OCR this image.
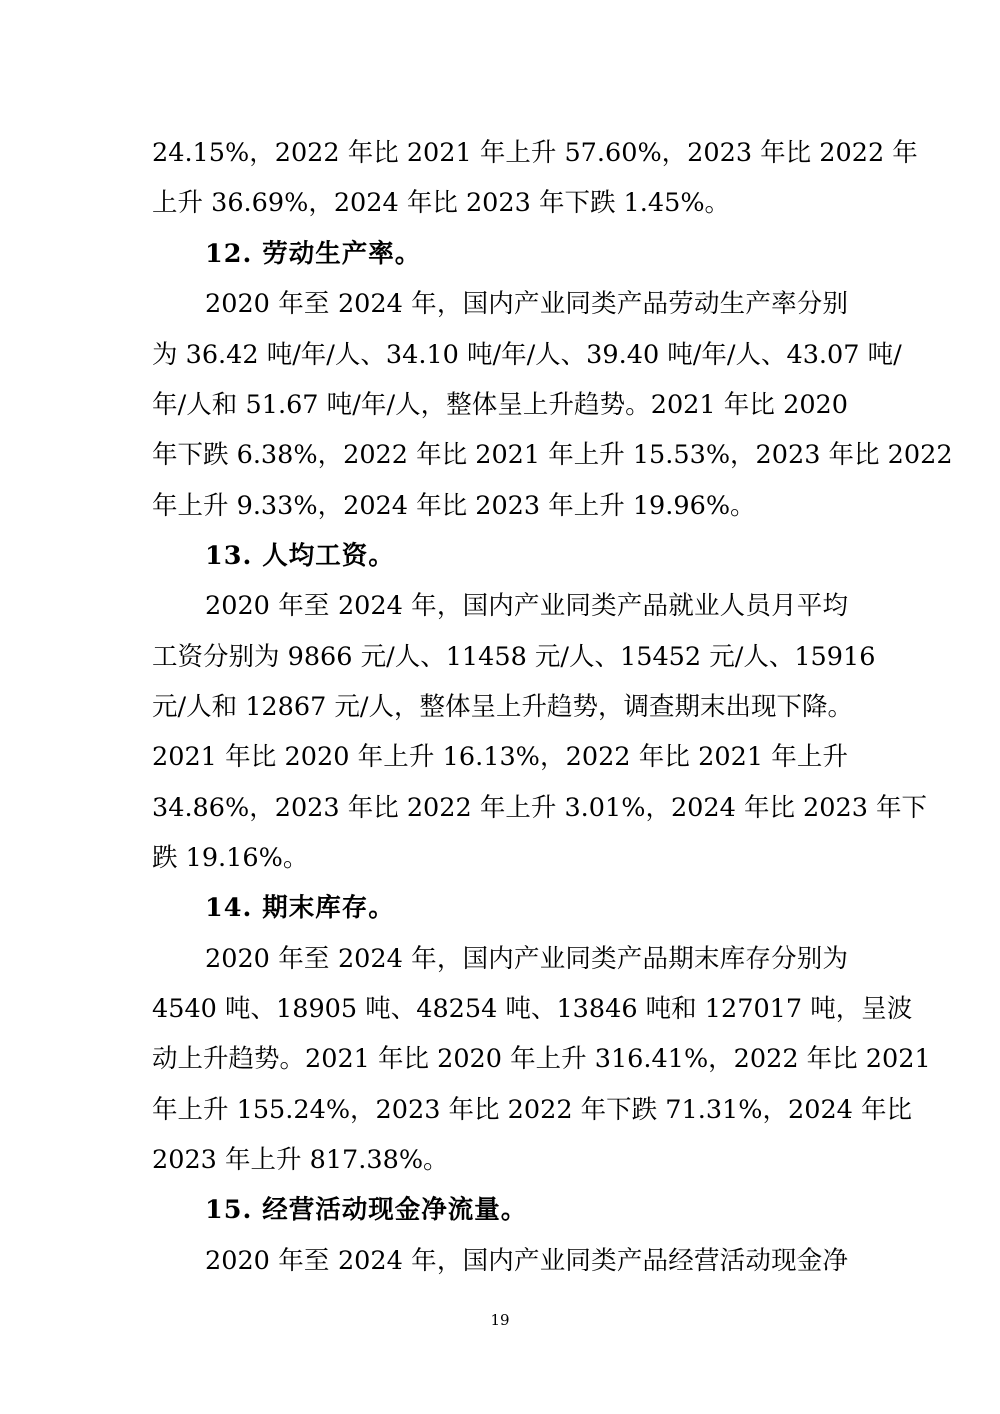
24.15%，2022 年比 2021 年上升 57.60%，2023 年比 2022 年
上升 36.69%，2024 年比 2023 年下跌 1.45%。
12. 劳动生产率。
2020 年至 2024 年，国内产业同类产品劳动生产率分别
为 36.42 吨/年/人、34.10 吨/年/人、39.40 吨/年/人、43.07 吨/
年/人和 51.67 吨/年/人，整体呈上升趋势。2021 年比 2020
年下跌 6.38%，2022 年比 2021 年上升 15.53%，2023 年比 2022
年上升 9.33%，2024 年比 2023 年上升 19.96%。
13. 人均工资。
2020 年至 2024 年，国内产业同类产品就业人员月平均
工资分别为 9866 元/人、11458 元/人、15452 元/人、15916
元/人和 12867 元/人，整体呈上升趋势，调查期末出现下降。
2021 年比 2020 年上升 16.13%，2022 年比 2021 年上升
34.86%，2023 年比 2022 年上升 3.01%，2024 年比 2023 年下
跌 19.16%。
14. 期末库存。
2020 年至 2024 年，国内产业同类产品期末库存分别为
4540 吨、18905 吨、48254 吨、13846 吨和 127017 吨，呈波
动上升趋势。2021 年比 2020 年上升 316.41%，2022 年比 2021
年上升 155.24%，2023 年比 2022 年下跌 71.31%，2024 年比
2023 年上升 817.38%。
15. 经营活动现金净流量。
2020 年至 2024 年，国内产业同类产品经营活动现金净
19
